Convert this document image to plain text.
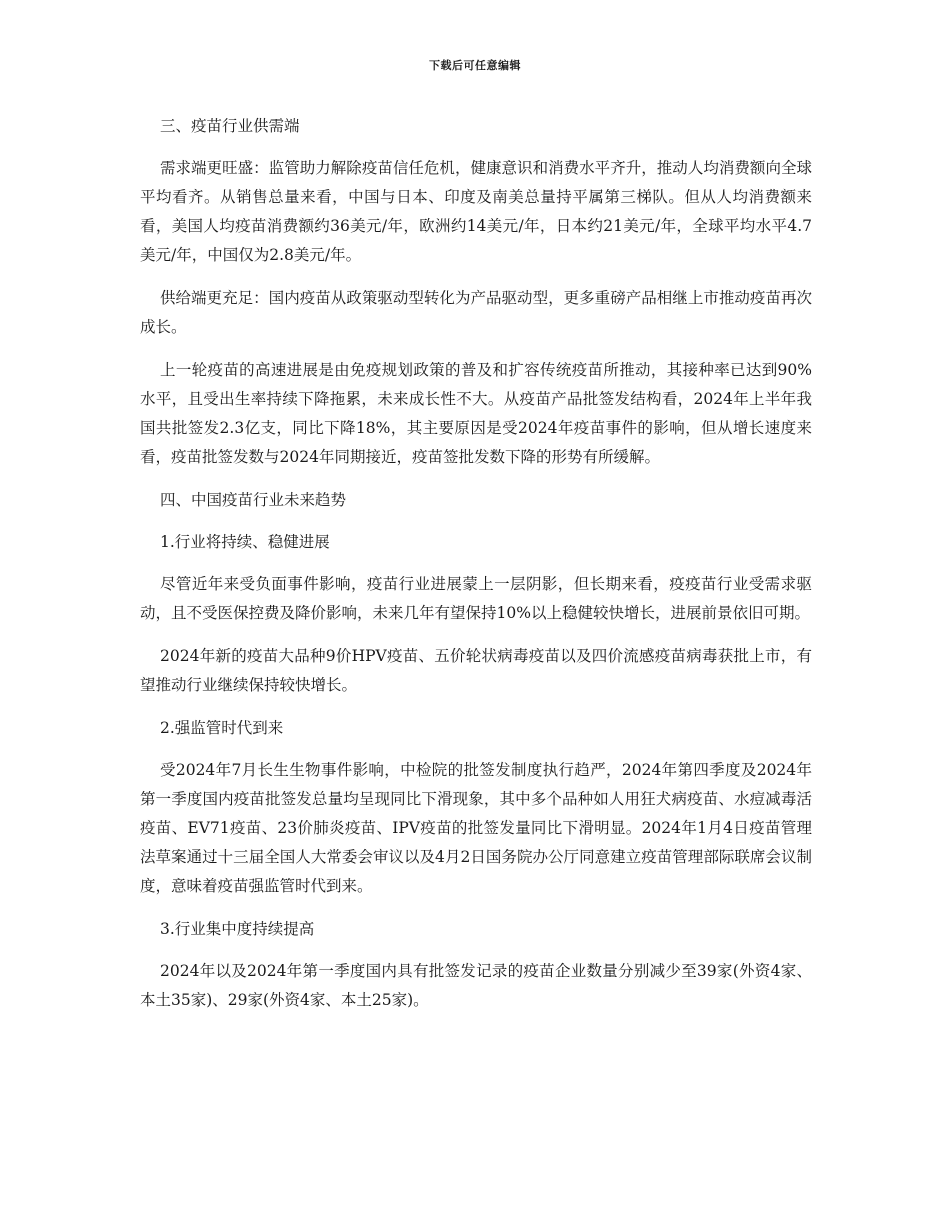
下载后可任意编辑

三、疫苗行业供需端

需求端更旺盛：监管助力解除疫苗信任危机，健康意识和消费水平齐升，推动人均消费额向全球平均看齐。从销售总量来看，中国与日本、印度及南美总量持平属第三梯队。但从人均消费额来看，美国人均疫苗消费额约36美元/年，欧洲约14美元/年，日本约21美元/年，全球平均水平4.7美元/年，中国仅为2.8美元/年。

供给端更充足：国内疫苗从政策驱动型转化为产品驱动型，更多重磅产品相继上市推动疫苗再次成长。

上一轮疫苗的高速进展是由免疫规划政策的普及和扩容传统疫苗所推动，其接种率已达到90%水平，且受出生率持续下降拖累，未来成长性不大。从疫苗产品批签发结构看，2024年上半年我国共批签发2.3亿支，同比下降18%，其主要原因是受2024年疫苗事件的影响，但从增长速度来看，疫苗批签发数与2024年同期接近，疫苗签批发数下降的形势有所缓解。

四、中国疫苗行业未来趋势

1.行业将持续、稳健进展

尽管近年来受负面事件影响，疫苗行业进展蒙上一层阴影，但长期来看，疫疫苗行业受需求驱动，且不受医保控费及降价影响，未来几年有望保持10%以上稳健较快增长，进展前景依旧可期。

2024年新的疫苗大品种9价HPV疫苗、五价轮状病毒疫苗以及四价流感疫苗病毒获批上市，有望推动行业继续保持较快增长。

2.强监管时代到来

受2024年7月长生生物事件影响，中检院的批签发制度执行趋严，2024年第四季度及2024年第一季度国内疫苗批签发总量均呈现同比下滑现象，其中多个品种如人用狂犬病疫苗、水痘减毒活疫苗、EV71疫苗、23价肺炎疫苗、IPV疫苗的批签发量同比下滑明显。2024年1月4日疫苗管理法草案通过十三届全国人大常委会审议以及4月2日国务院办公厅同意建立疫苗管理部际联席会议制度，意味着疫苗强监管时代到来。

3.行业集中度持续提高

2024年以及2024年第一季度国内具有批签发记录的疫苗企业数量分别减少至39家(外资4家、本土35家)、29家(外资4家、本土25家)。
